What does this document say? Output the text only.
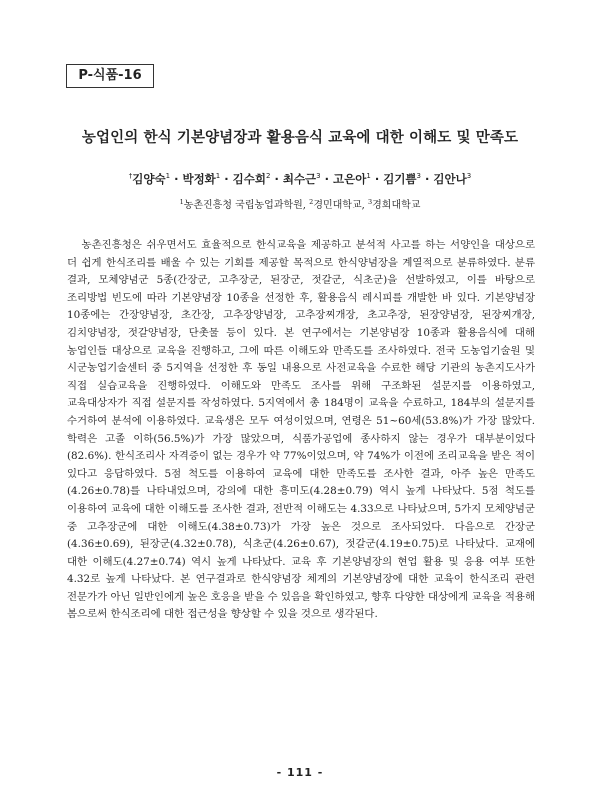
P-식품-16
농업인의 한식 기본양념장과 활용음식 교육에 대한 이해도 및 만족도
†김양숙$^1$ · 박정화$^1$ · 김수희$^2$ · 최수근$^3$ · 고은아$^1$ · 김기쁨$^3$ · 김안나$^3$
$^1$농촌진흥청 국립농업과학원, $^2$경민대학교, $^3$경희대학교

농촌진흥청은 쉬우면서도 효율적으로 한식교육을 제공하고 분석적 사고를 하는 서양인을 대상으로 더 쉽게 한식조리를 배울 수 있는 기회를 제공할 목적으로 한식양념장을 계열적으로 분류하였다. 분류 결과, 모체양념군 5종(간장군, 고추장군, 된장군, 젓갈군, 식초군)을 선발하였고, 이를 바탕으로 조리방법 빈도에 따라 기본양념장 10종을 선정한 후, 활용음식 레시피를 개발한 바 있다. 기본양념장 10종에는 간장양념장, 초간장, 고추장양념장, 고추장찌개장, 초고추장, 된장양념장, 된장찌개장, 김치양념장, 젓갈양념장, 단촛물 등이 있다. 본 연구에서는 기본양념장 10종과 활용음식에 대해 농업인들 대상으로 교육을 진행하고, 그에 따른 이해도와 만족도를 조사하였다. 전국 도농업기술원 및 시군농업기술센터 중 5지역을 선정한 후 동일 내용으로 사전교육을 수료한 해당 기관의 농촌지도사가 직접 실습교육을 진행하였다. 이해도와 만족도 조사를 위해 구조화된 설문지를 이용하였고, 교육대상자가 직접 설문지를 작성하였다. 5지역에서 총 184명이 교육을 수료하고, 184부의 설문지를 수거하여 분석에 이용하였다. 교육생은 모두 여성이었으며, 연령은 51~60세(53.8%)가 가장 많았다. 학력은 고졸 이하(56.5%)가 가장 많았으며, 식품가공업에 종사하지 않는 경우가 대부분이었다(82.6%). 한식조리사 자격증이 없는 경우가 약 77%이었으며, 약 74%가 이전에 조리교육을 받은 적이 있다고 응답하였다. 5점 척도를 이용하여 교육에 대한 만족도를 조사한 결과, 아주 높은 만족도(4.26±0.78)를 나타내었으며, 강의에 대한 흥미도(4.28±0.79) 역시 높게 나타났다. 5점 척도를 이용하여 교육에 대한 이해도를 조사한 결과, 전반적 이해도는 4.33으로 나타났으며, 5가지 모체양념군 중 고추장군에 대한 이해도(4.38±0.73)가 가장 높은 것으로 조사되었다. 다음으로 간장군(4.36±0.69), 된장군(4.32±0.78), 식초군(4.26±0.67), 젓갈군(4.19±0.75)로 나타났다. 교재에 대한 이해도(4.27±0.74) 역시 높게 나타났다. 교육 후 기본양념장의 현업 활용 및 응용 여부 또한 4.32로 높게 나타났다. 본 연구결과로 한식양념장 체계의 기본양념장에 대한 교육이 한식조리 관련 전문가가 아닌 일반인에게 높은 호응을 받을 수 있음을 확인하였고, 향후 다양한 대상에게 교육을 적용해 봄으로써 한식조리에 대한 접근성을 향상할 수 있을 것으로 생각된다.

- 111 -
